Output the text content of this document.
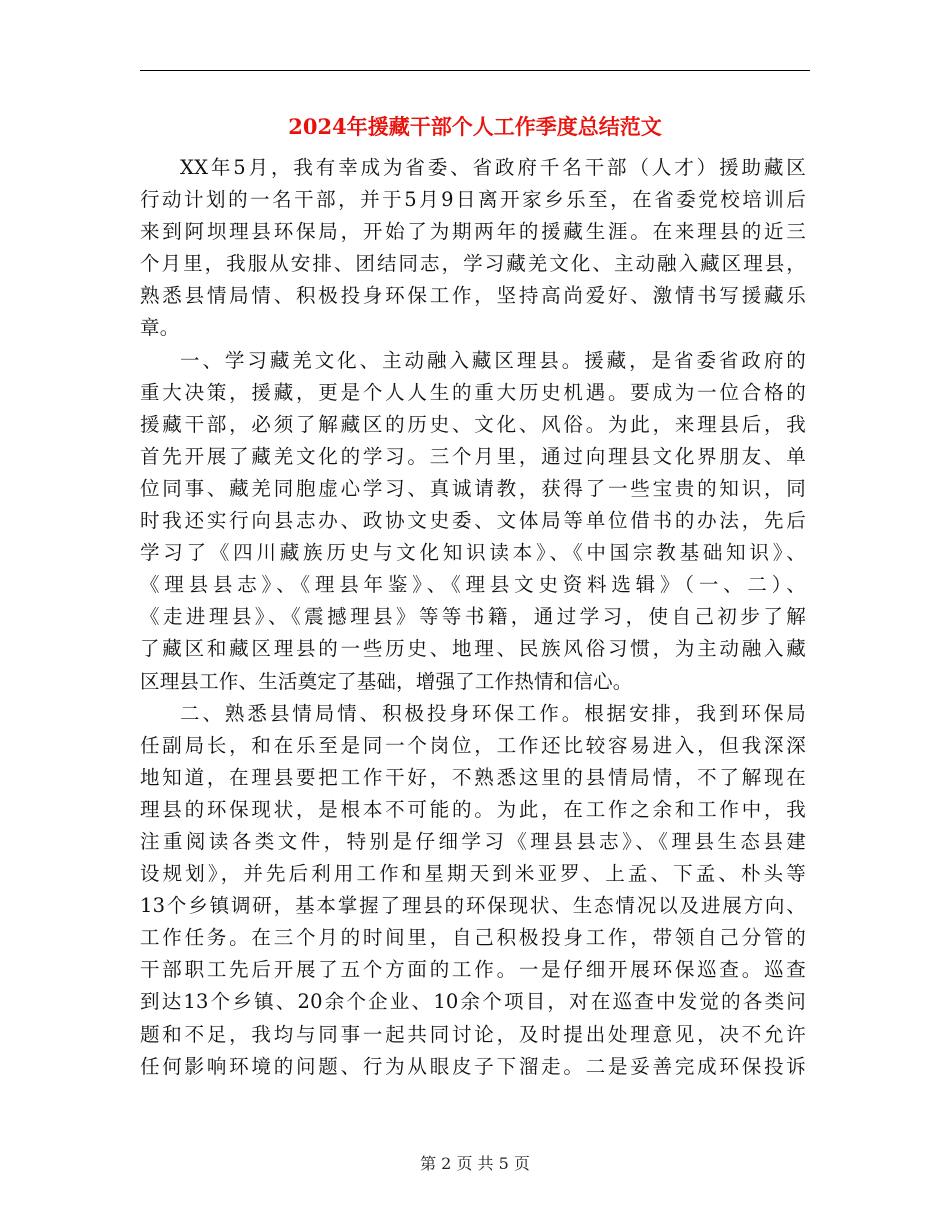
2024年援藏干部个人工作季度总结范文

XX年5月，我有幸成为省委、省政府千名干部（人才）援助藏区
行动计划的一名干部，并于5月9日离开家乡乐至，在省委党校培训后
来到阿坝理县环保局，开始了为期两年的援藏生涯。在来理县的近三
个月里，我服从安排、团结同志，学习藏羌文化、主动融入藏区理县，
熟悉县情局情、积极投身环保工作，坚持高尚爱好、激情书写援藏乐
章。

一、学习藏羌文化、主动融入藏区理县。援藏，是省委省政府的
重大决策，援藏，更是个人人生的重大历史机遇。要成为一位合格的
援藏干部，必须了解藏区的历史、文化、风俗。为此，来理县后，我
首先开展了藏羌文化的学习。三个月里，通过向理县文化界朋友、单
位同事、藏羌同胞虚心学习、真诚请教，获得了一些宝贵的知识，同
时我还实行向县志办、政协文史委、文体局等单位借书的办法，先后
学习了《四川藏族历史与文化知识读本》、《中国宗教基础知识》、
《理县县志》、《理县年鉴》、《理县文史资料选辑》（一、二）、
《走进理县》、《震撼理县》等等书籍，通过学习，使自己初步了解
了藏区和藏区理县的一些历史、地理、民族风俗习惯，为主动融入藏
区理县工作、生活奠定了基础，增强了工作热情和信心。

二、熟悉县情局情、积极投身环保工作。根据安排，我到环保局
任副局长，和在乐至是同一个岗位，工作还比较容易进入，但我深深
地知道，在理县要把工作干好，不熟悉这里的县情局情，不了解现在
理县的环保现状，是根本不可能的。为此，在工作之余和工作中，我
注重阅读各类文件，特别是仔细学习《理县县志》、《理县生态县建
设规划》，并先后利用工作和星期天到米亚罗、上孟、下孟、朴头等
13个乡镇调研，基本掌握了理县的环保现状、生态情况以及进展方向、
工作任务。在三个月的时间里，自己积极投身工作，带领自己分管的
干部职工先后开展了五个方面的工作。一是仔细开展环保巡查。巡查
到达13个乡镇、20余个企业、10余个项目，对在巡查中发觉的各类问
题和不足，我均与同事一起共同讨论，及时提出处理意见，决不允许
任何影响环境的问题、行为从眼皮子下溜走。二是妥善完成环保投诉

第 2 页 共 5 页
